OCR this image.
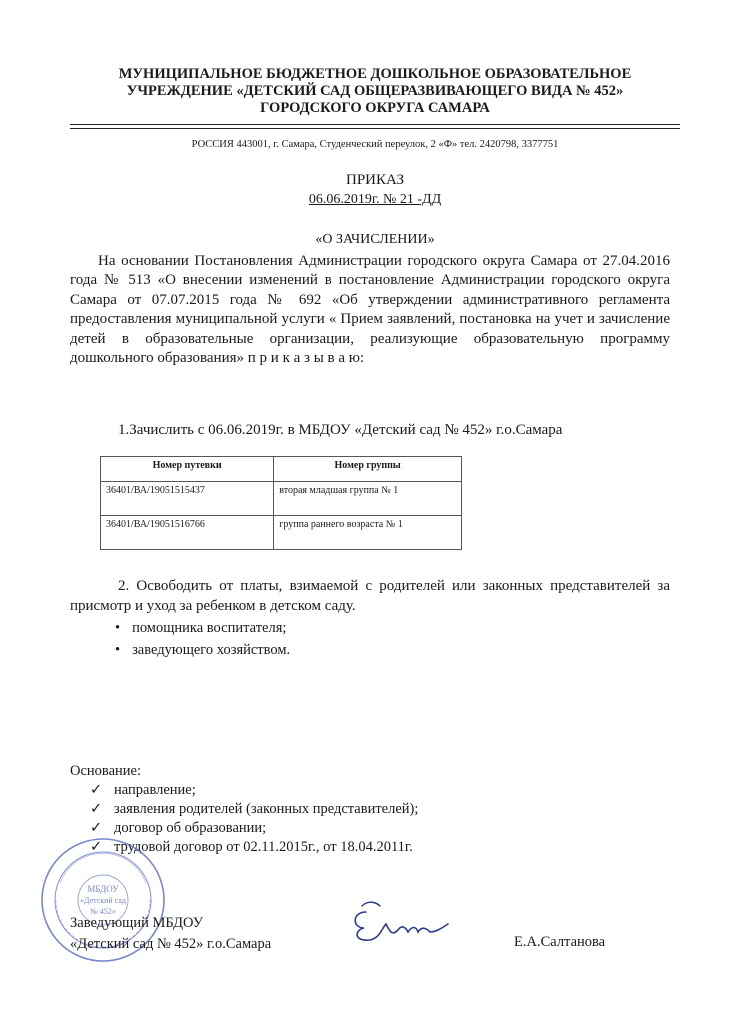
МУНИЦИПАЛЬНОЕ БЮДЖЕТНОЕ ДОШКОЛЬНОЕ ОБРАЗОВАТЕЛЬНОЕ
УЧРЕЖДЕНИЕ «ДЕТСКИЙ САД ОБЩЕРАЗВИВАЮЩЕГО ВИДА № 452»
ГОРОДСКОГО ОКРУГА САМАРА
РОССИЯ 443001, г. Самара, Студенческий переулок, 2 «Ф» тел. 2420798, 3377751
ПРИКАЗ
06.06.2019г. № 21 -ДД
«О ЗАЧИСЛЕНИИ»
На основании Постановления Администрации городского округа Самара от 27.04.2016 года № 513 «О внесении изменений в постановление Администрации городского округа Самара от 07.07.2015 года № 692 «Об утверждении административного регламента предоставления муниципальной услуги « Прием заявлений, постановка на учет и зачисление детей в образовательные организации, реализующие образовательную программу дошкольного образования» п р и к а з ы в а ю:
1.Зачислить с 06.06.2019г. в МБДОУ «Детский сад № 452» г.о.Самара
Номер путевки	Номер группы
36401/ВА/19051515437	вторая младшая группа № 1
36401/ВА/19051516766	группа раннего возраста № 1
2. Освободить от платы, взимаемой с родителей или законных представителей за присмотр и уход за ребенком в детском саду.
• помощника воспитателя;
• заведующего хозяйством.
Основание:
✓ направление;
✓ заявления родителей (законных представителей);
✓ договор об образовании;
✓ трудовой договор от 02.11.2015г., от 18.04.2011г.
МБДОУ
«Детский сад
№ 452»
Заведующий МБДОУ
«Детский сад № 452» г.о.Самара	Е.А.Салтанова
